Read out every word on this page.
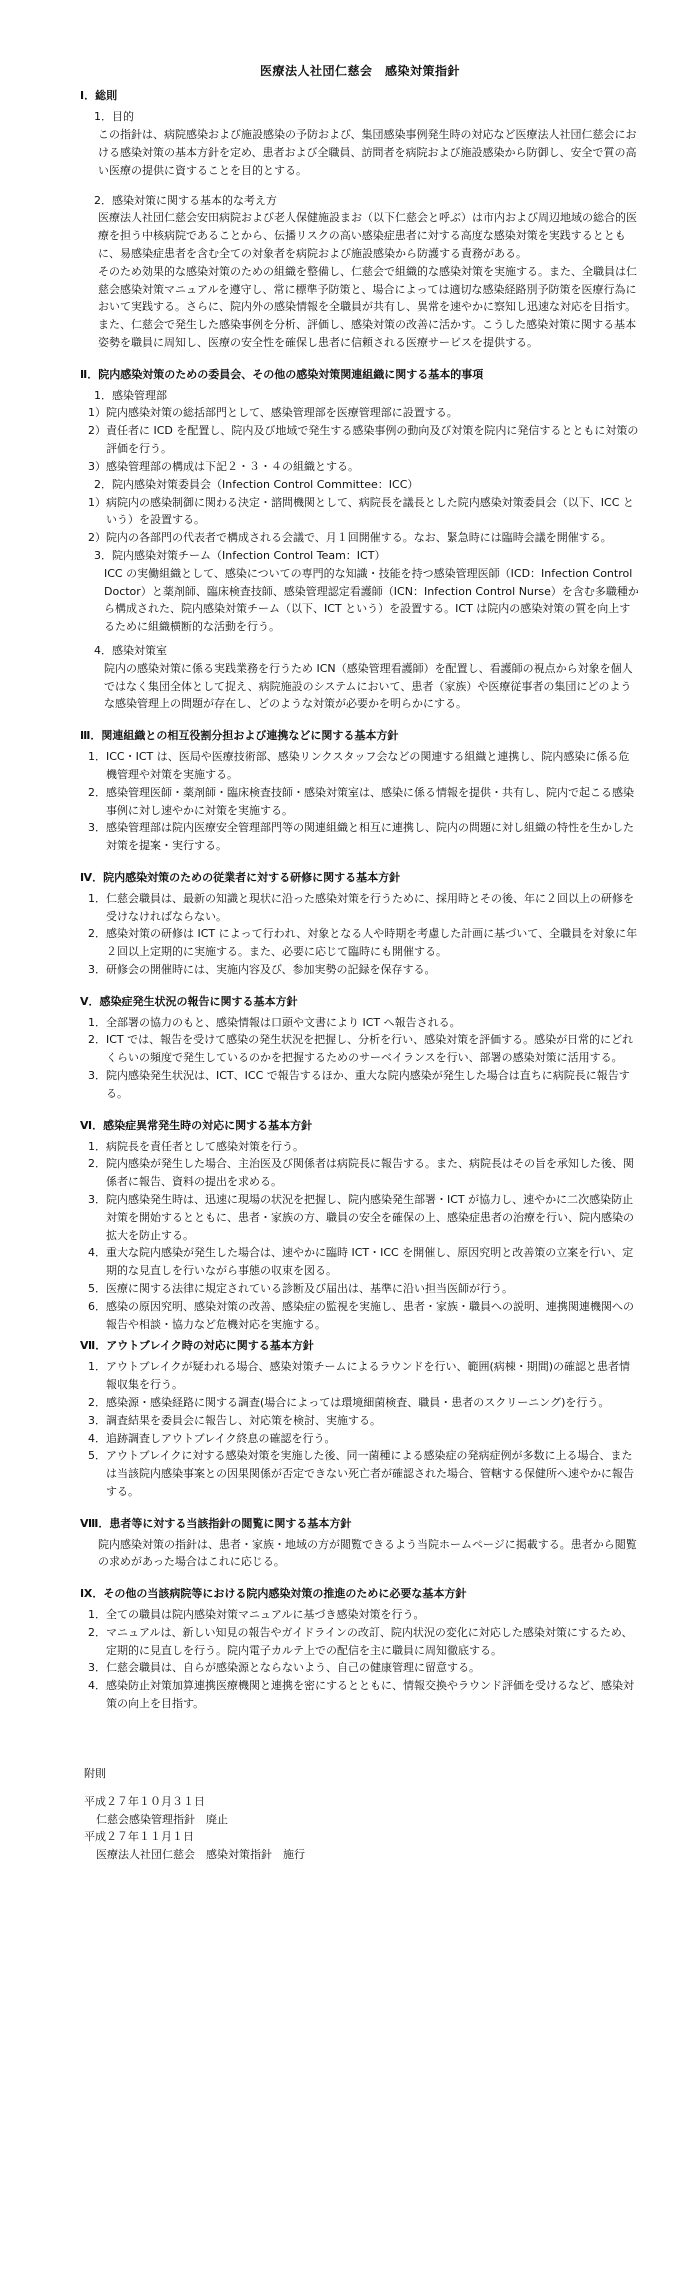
医療法人社団仁慈会　感染対策指針
Ⅰ．総則
1．目的
この指針は、病院感染および施設感染の予防および、集団感染事例発生時の対応など医療法人社団仁慈会における感染対策の基本方針を定め、患者および全職員、訪問者を病院および施設感染から防御し、安全で質の高い医療の提供に資することを目的とする。
2．感染対策に関する基本的な考え方
医療法人社団仁慈会安田病院および老人保健施設まお（以下仁慈会と呼ぶ）は市内および周辺地域の総合的医療を担う中核病院であることから、伝播リスクの高い感染症患者に対する高度な感染対策を実践するとともに、易感染症患者を含む全ての対象者を病院および施設感染から防護する責務がある。
そのため効果的な感染対策のための組織を整備し、仁慈会で組織的な感染対策を実施する。また、全職員は仁慈会感染対策マニュアルを遵守し、常に標準予防策と、場合によっては適切な感染経路別予防策を医療行為において実践する。さらに、院内外の感染情報を全職員が共有し、異常を速やかに察知し迅速な対応を目指す。また、仁慈会で発生した感染事例を分析、評価し、感染対策の改善に活かす。こうした感染対策に関する基本姿勢を職員に周知し、医療の安全性を確保し患者に信頼される医療サービスを提供する。
Ⅱ．院内感染対策のための委員会、その他の感染対策関連組織に関する基本的事項
1．感染管理部
1）院内感染対策の総括部門として、感染管理部を医療管理部に設置する。
2）責任者に ICD を配置し、院内及び地域で発生する感染事例の動向及び対策を院内に発信するとともに対策の評価を行う。
3）感染管理部の構成は下記２・３・４の組織とする。
2．院内感染対策委員会（Infection Control Committee：ICC）
1）病院内の感染制御に関わる決定・諮問機関として、病院長を議長とした院内感染対策委員会（以下、ICC という）を設置する。
2）院内の各部門の代表者で構成される会議で、月１回開催する。なお、緊急時には臨時会議を開催する。
3．院内感染対策チーム（Infection Control Team：ICT）
ICC の実働組織として、感染についての専門的な知識・技能を持つ感染管理医師（ICD：Infection Control Doctor）と薬剤師、臨床検査技師、感染管理認定看護師（ICN：Infection Control Nurse）を含む多職種から構成された、院内感染対策チーム（以下、ICT という）を設置する。ICT は院内の感染対策の質を向上するために組織横断的な活動を行う。
4．感染対策室
院内の感染対策に係る実践業務を行うため ICN（感染管理看護師）を配置し、看護師の視点から対象を個人ではなく集団全体として捉え、病院施設のシステムにおいて、患者（家族）や医療従事者の集団にどのような感染管理上の問題が存在し、どのような対策が必要かを明らかにする。
Ⅲ．関連組織との相互役割分担および連携などに関する基本方針
1．ICC・ICT は、医局や医療技術部、感染リンクスタッフ会などの関連する組織と連携し、院内感染に係る危機管理や対策を実施する。
2．感染管理医師・薬剤師・臨床検査技師・感染対策室は、感染に係る情報を提供・共有し、院内で起こる感染事例に対し速やかに対策を実施する。
3．感染管理部は院内医療安全管理部門等の関連組織と相互に連携し、院内の問題に対し組織の特性を生かした対策を提案・実行する。
Ⅳ．院内感染対策のための従業者に対する研修に関する基本方針
1．仁慈会職員は、最新の知識と現状に沿った感染対策を行うために、採用時とその後、年に２回以上の研修を受けなければならない。
2．感染対策の研修は ICT によって行われ、対象となる人や時期を考慮した計画に基づいて、全職員を対象に年２回以上定期的に実施する。また、必要に応じて臨時にも開催する。
3．研修会の開催時には、実施内容及び、参加実勢の記録を保存する。
Ⅴ．感染症発生状況の報告に関する基本方針
1．全部署の協力のもと、感染情報は口頭や文書により ICT へ報告される。
2．ICT では、報告を受けて感染の発生状況を把握し、分析を行い、感染対策を評価する。感染が日常的にどれくらいの頻度で発生しているのかを把握するためのサーベイランスを行い、部署の感染対策に活用する。
3．院内感染発生状況は、ICT、ICC で報告するほか、重大な院内感染が発生した場合は直ちに病院長に報告する。
Ⅵ．感染症異常発生時の対応に関する基本方針
1．病院長を責任者として感染対策を行う。
2．院内感染が発生した場合、主治医及び関係者は病院長に報告する。また、病院長はその旨を承知した後、関係者に報告、資料の提出を求める。
3．院内感染発生時は、迅速に現場の状況を把握し、院内感染発生部署・ICT が協力し、速やかに二次感染防止対策を開始するとともに、患者・家族の方、職員の安全を確保の上、感染症患者の治療を行い、院内感染の拡大を防止する。
4．重大な院内感染が発生した場合は、速やかに臨時 ICT・ICC を開催し、原因究明と改善策の立案を行い、定期的な見直しを行いながら事態の収束を図る。
5．医療に関する法律に規定されている診断及び届出は、基準に沿い担当医師が行う。
6．感染の原因究明、感染対策の改善、感染症の監視を実施し、患者・家族・職員への説明、連携関連機関への報告や相談・協力など危機対応を実施する。
Ⅶ．アウトブレイク時の対応に関する基本方針
1．アウトブレイクが疑われる場合、感染対策チームによるラウンドを行い、範囲(病棟・期間)の確認と患者情報収集を行う。
2．感染源・感染経路に関する調査(場合によっては環境細菌検査、職員・患者のスクリーニング)を行う。
3．調査結果を委員会に報告し、対応策を検討、実施する。
4．追跡調査しアウトブレイク終息の確認を行う。
5．アウトブレイクに対する感染対策を実施した後、同一菌種による感染症の発病症例が多数に上る場合、または当該院内感染事案との因果関係が否定できない死亡者が確認された場合、管轄する保健所へ速やかに報告する。
Ⅷ．患者等に対する当該指針の閲覧に関する基本方針
院内感染対策の指針は、患者・家族・地域の方が閲覧できるよう当院ホームページに掲載する。患者から閲覧の求めがあった場合はこれに応じる。
Ⅸ．その他の当該病院等における院内感染対策の推進のために必要な基本方針
1．全ての職員は院内感染対策マニュアルに基づき感染対策を行う。
2．マニュアルは、新しい知見の報告やガイドラインの改訂、院内状況の変化に対応した感染対策にするため、定期的に見直しを行う。院内電子カルテ上での配信を主に職員に周知徹底する。
3．仁慈会職員は、自らが感染源とならないよう、自己の健康管理に留意する。
4．感染防止対策加算連携医療機関と連携を密にするとともに、情報交換やラウンド評価を受けるなど、感染対策の向上を目指す。
附則
平成２７年１０月３１日
仁慈会感染管理指針　廃止
平成２７年１１月１日
医療法人社団仁慈会　感染対策指針　施行
